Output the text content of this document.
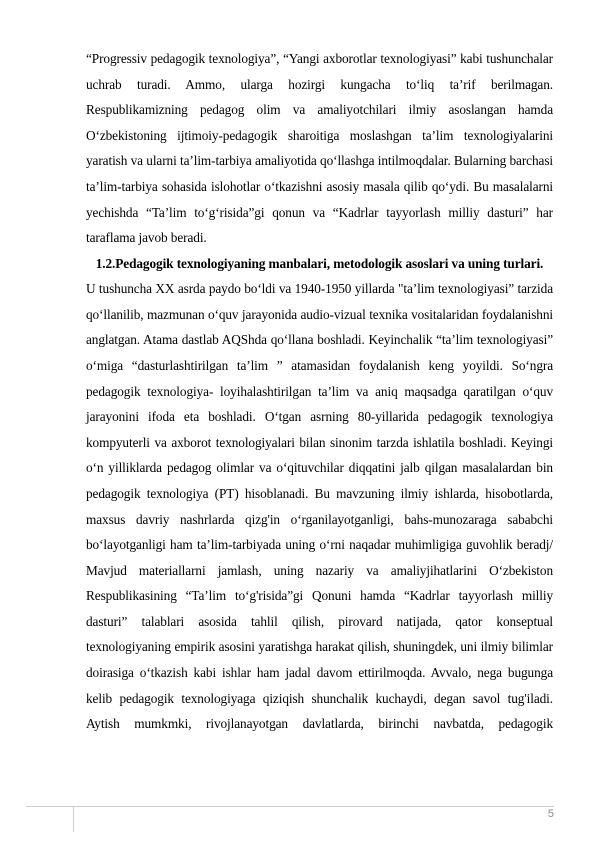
“Progressiv pedagogik texnologiya”, “Yangi axborotlar texnologiyasi” kabi tushunchalar uchrab turadi. Ammo, ularga hozirgi kungacha to‘liq ta’rif berilmagan. Respublikamizning pedagog olim va amaliyotchilari ilmiy asoslangan hamda O‘zbekistoning ijtimoiy-pedagogik sharoitiga moslashgan ta’lim texnologiyalarini yaratish va ularni ta’lim-tarbiya amaliyotida qo‘llashga intilmoqdalar. Bularning barchasi ta’lim-tarbiya sohasida islohotlar o‘tkazishni asosiy masala qilib qo‘ydi. Bu masalalarni yechishda “Ta’lim to‘g‘risida”gi qonun va “Kadrlar tayyorlash milliy dasturi” har taraflama javob beradi.

1.2.Pedagogik texnologiyaning manbalari, metodologik asoslari va uning turlari.

U tushuncha XX asrda paydo bo‘ldi va 1940-1950 yillarda "ta’lim texnologiyasi” tarzida qo‘llanilib, mazmunan o‘quv jarayonida audio-vizual texnika vositalaridan foydalanishni anglatgan. Atama dastlab AQShda qo‘llana boshladi. Keyinchalik “ta’lim texnologiyasi” o‘miga “dasturlashtirilgan ta’lim ” atamasidan foydalanish keng yoyildi. So‘ngra pedagogik texnologiya- loyihalashtirilgan ta’lim va aniq maqsadga qaratilgan o‘quv jarayonini ifoda eta boshladi. O‘tgan asrning 80-yillarida pedagogik texnologiya kompyuterli va axborot texnologiyalari bilan sinonim tarzda ishlatila boshladi. Keyingi o‘n yilliklarda pedagog olimlar va o‘qituvchilar diqqatini jalb qilgan masalalardan bin pedagogik texnologiya (PT) hisoblanadi. Bu mavzuning ilmiy ishlarda, hisobotlarda, maxsus davriy nashrlarda qizg'in o‘rganilayotganligi, bahs-munozaraga sababchi bo‘layotganligi ham ta’lim-tarbiyada uning o‘rni naqadar muhimligiga guvohlik beradj/ Mavjud materiallarni jamlash, uning nazariy va amaliyjihatlarini O‘zbekiston Respublikasining “Ta’lim to‘g'risida”gi Qonuni hamda “Kadrlar tayyorlash milliy dasturi” talablari asosida tahlil qilish, pirovard natijada, qator konseptual texnologiyaning empirik asosini yaratishga harakat qilish, shuningdek, uni ilmiy bilimlar doirasiga o‘tkazish kabi ishlar ham jadal davom ettirilmoqda. Avvalo, nega bugunga kelib pedagogik texnologiyaga qiziqish shunchalik kuchaydi, degan savol tug'iladi. Aytish mumkmki, rivojlanayotgan davlatlarda, birinchi navbatda, pedagogik

5
